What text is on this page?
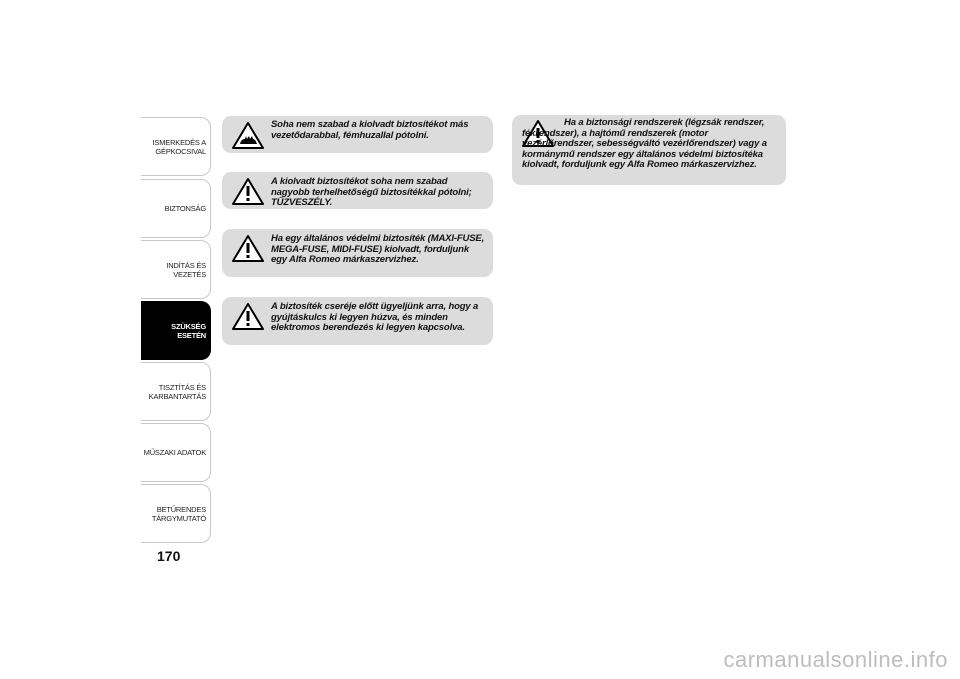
ISMERKEDÉS A GÉPKOCSIVAL
BIZTONSÁG
INDÍTÁS ÉS VEZETÉS
SZÜKSÉG ESETÉN
TISZTÍTÁS ÉS KARBANTARTÁS
MŰSZAKI ADATOK
BETŰRENDES TÁRGYMUTATÓ
170
Soha nem szabad a kiolvadt biztosítékot más vezetődarabbal, fémhuzallal pótolni.
A kiolvadt biztosítékot soha nem szabad nagyobb terhelhetőségű biztosítékkal pótolni; TŰZVESZÉLY.
Ha egy általános védelmi biztosíték (MAXI-FUSE, MEGA-FUSE, MIDI-FUSE) kiolvadt, forduljunk egy Alfa Romeo márkaszervizhez.
A biztosíték cseréje előtt ügyeljünk arra, hogy a gyújtáskulcs ki legyen húzva, és minden elektromos berendezés ki legyen kapcsolva.
Ha a biztonsági rendszerek (légzsák rendszer, fékrendszer), a hajtómű rendszerek (motor vezérlőrendszer, sebességváltó vezérlőrendszer) vagy a kormánymű rendszer egy általános védelmi biztosítéka kiolvadt, forduljunk egy Alfa Romeo márkaszervizhez.
carmanualsonline.info
